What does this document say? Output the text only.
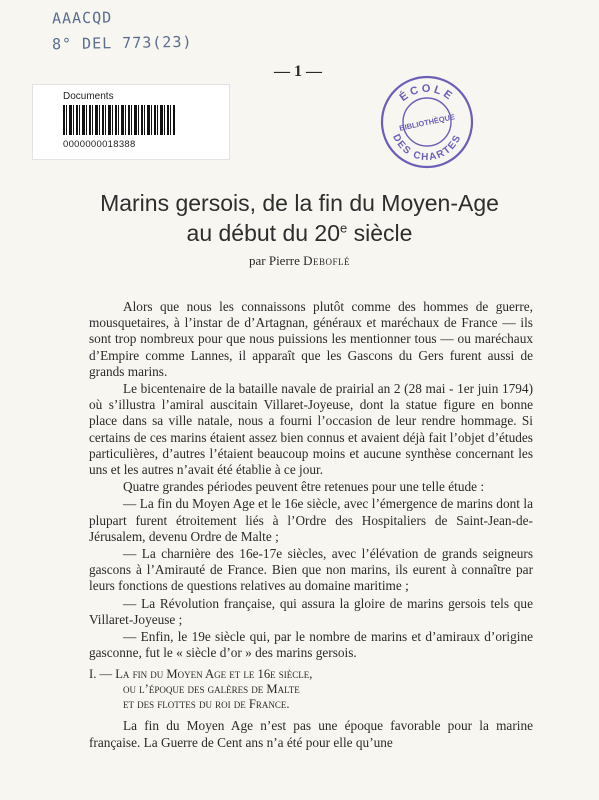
AAACQD
8° DEL 773(23)
— 1 —
Documents
0000000018388
ÉCOLE
BIBLIOTHÈQUE
DES CHARTES
Marins gersois, de la fin du Moyen-Age
au début du 20e siècle
par Pierre Deboflé

Alors que nous les connaissons plutôt comme des hommes de guerre, mousquetaires, à l’instar de d’Artagnan, généraux et maréchaux de France — ils sont trop nombreux pour que nous puissions les mentionner tous — ou maréchaux d’Empire comme Lannes, il apparaît que les Gascons du Gers furent aussi de grands marins.

Le bicentenaire de la bataille navale de prairial an 2 (28 mai - 1er juin 1794) où s’illustra l’amiral auscitain Villaret-Joyeuse, dont la statue figure en bonne place dans sa ville natale, nous a fourni l’occasion de leur rendre hommage. Si certains de ces marins étaient assez bien connus et avaient déjà fait l’objet d’études particulières, d’autres l’étaient beaucoup moins et aucune synthèse concernant les uns et les autres n’avait été établie à ce jour.

Quatre grandes périodes peuvent être retenues pour une telle étude :

— La fin du Moyen Age et le 16e siècle, avec l’émergence de marins dont la plupart furent étroitement liés à l’Ordre des Hospitaliers de Saint-Jean-de-Jérusalem, devenu Ordre de Malte ;

— La charnière des 16e-17e siècles, avec l’élévation de grands seigneurs gascons à l’Amirauté de France. Bien que non marins, ils eurent à connaître par leurs fonctions de questions relatives au domaine maritime ;

— La Révolution française, qui assura la gloire de marins gersois tels que Villaret-Joyeuse ;

— Enfin, le 19e siècle qui, par le nombre de marins et d’amiraux d’origine gasconne, fut le « siècle d’or » des marins gersois.

I. — La fin du Moyen Age et le 16e siècle,
ou l’époque des galères de Malte
et des flottes du roi de France.

La fin du Moyen Age n’est pas une époque favorable pour la marine française. La Guerre de Cent ans n’a été pour elle qu’une
